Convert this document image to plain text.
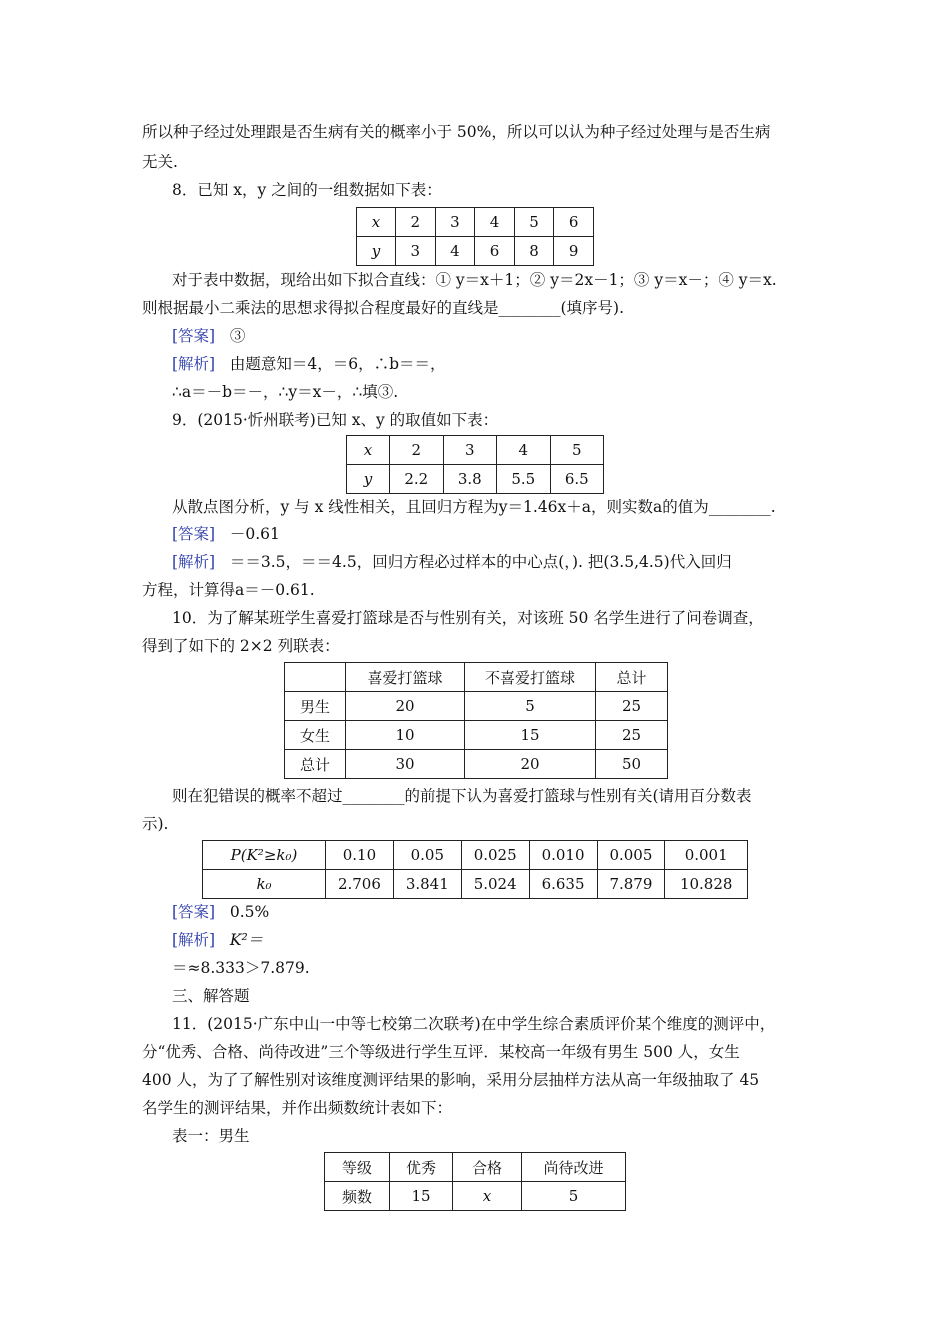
所以种子经过处理跟是否生病有关的概率小于 50%，所以可以认为种子经过处理与是否生病
无关.
8．已知 x，y 之间的一组数据如下表：
x	2	3	4	5	6
y	3	4	6	8	9
对于表中数据，现给出如下拟合直线：① y＝x＋1；② y＝2x－1；③ y＝x－；④ y＝x.
则根据最小二乘法的思想求得拟合程度最好的直线是________(填序号).
[答案] ③
[解析] 由题意知＝4，＝6，∴b＝＝，
∴a＝－b＝－，∴y＝x－，∴填③.
9．(2015·忻州联考)已知 x、y 的取值如下表：
x	2	3	4	5
y	2.2	3.8	5.5	6.5
从散点图分析，y 与 x 线性相关，且回归方程为y＝1.46x＋a，则实数a的值为________.
[答案] －0.61
[解析] ＝＝3.5，＝＝4.5，回归方程必过样本的中心点(，). 把(3.5,4.5)代入回归
方程，计算得a＝－0.61.
10．为了解某班学生喜爱打篮球是否与性别有关，对该班 50 名学生进行了问卷调查，
得到了如下的 2×2 列联表：
	喜爱打篮球	不喜爱打篮球	总计
男生	20	5	25
女生	10	15	25
总计	30	20	50
则在犯错误的概率不超过________的前提下认为喜爱打篮球与性别有关(请用百分数表
示).
P(K²≥k₀)	0.10	0.05	0.025	0.010	0.005	0.001
k₀	2.706	3.841	5.024	6.635	7.879	10.828
[答案] 0.5%
[解析] K²＝
＝≈8.333＞7.879.
三、解答题
11．(2015·广东中山一中等七校第二次联考)在中学生综合素质评价某个维度的测评中，
分“优秀、合格、尚待改进”三个等级进行学生互评．某校高一年级有男生 500 人，女生
400 人，为了了解性别对该维度测评结果的影响，采用分层抽样方法从高一年级抽取了 45
名学生的测评结果，并作出频数统计表如下：
表一：男生
等级	优秀	合格	尚待改进
频数	15	x	5
